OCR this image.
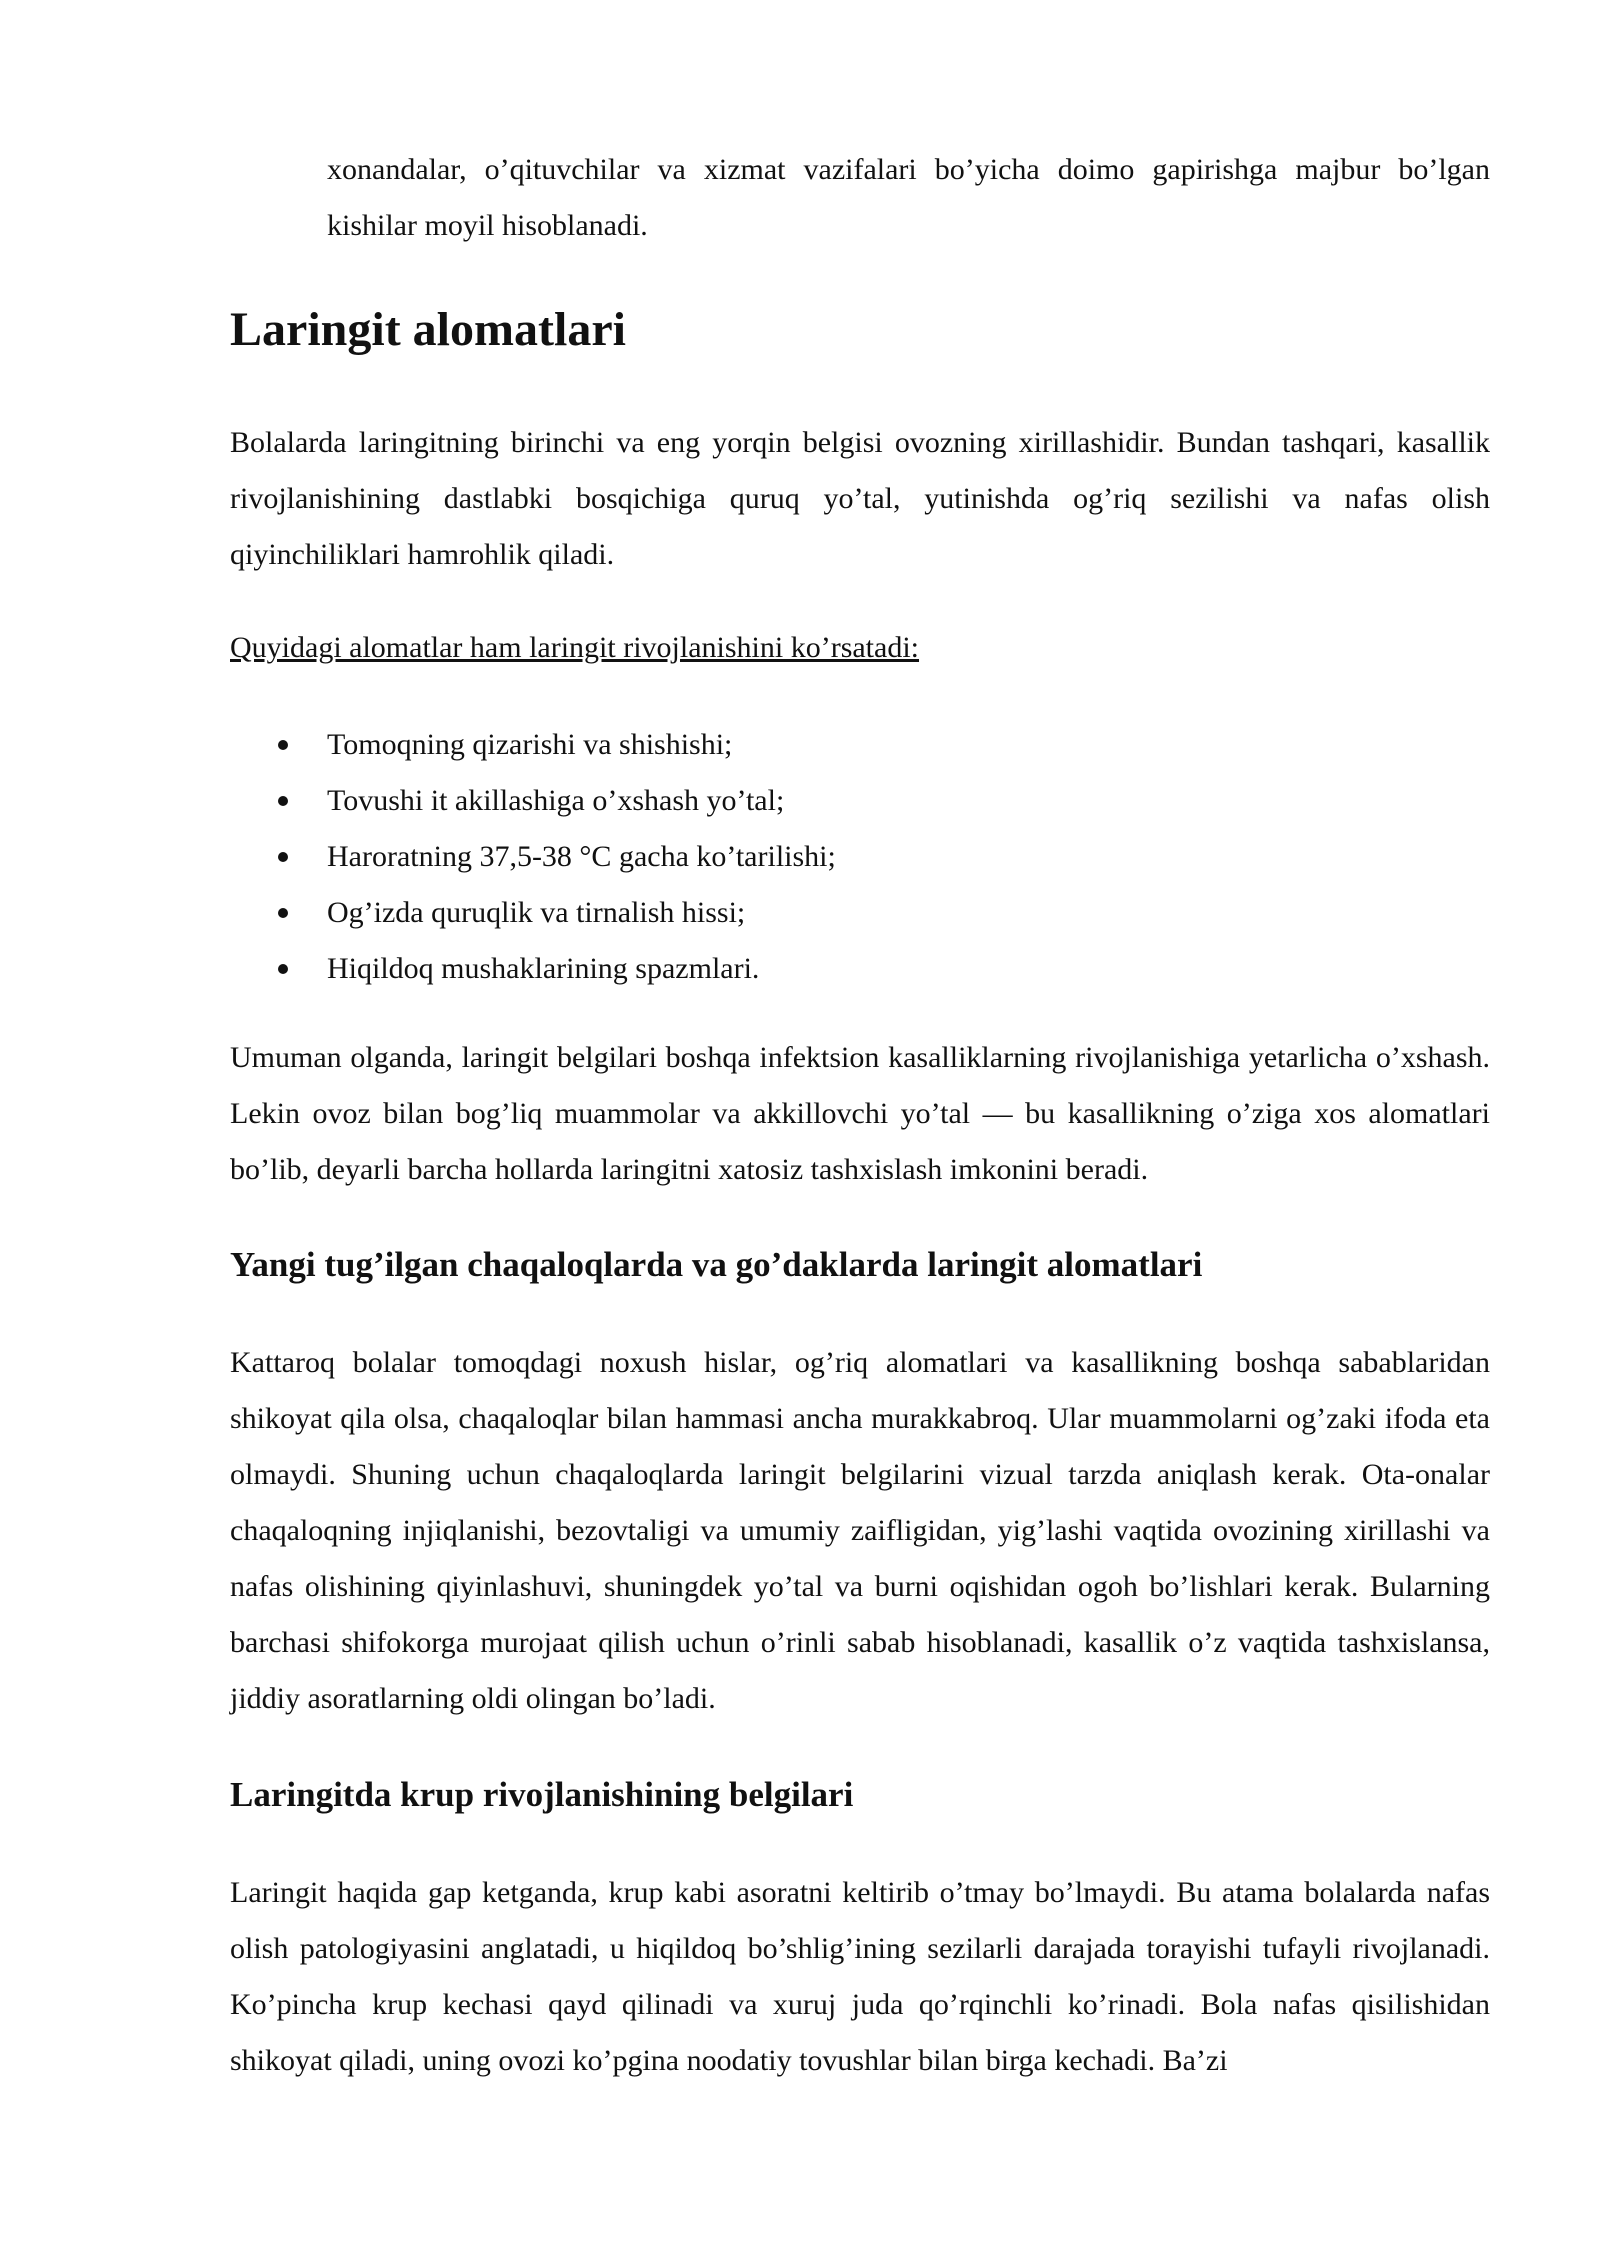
xonandalar, o’qituvchilar va xizmat vazifalari bo’yicha doimo gapirishga majbur bo’lgan kishilar moyil hisoblanadi.

Laringit alomatlari

Bolalarda laringitning birinchi va eng yorqin belgisi ovozning xirillashidir. Bundan tashqari, kasallik rivojlanishining dastlabki bosqichiga quruq yo’tal, yutinishda og’riq sezilishi va nafas olish qiyinchiliklari hamrohlik qiladi.

Quyidagi alomatlar ham laringit rivojlanishini ko’rsatadi:

Tomoqning qizarishi va shishishi;
Tovushi it akillashiga o’xshash yo’tal;
Haroratning 37,5-38 °C gacha ko’tarilishi;
Og’izda quruqlik va tirnalish hissi;
Hiqildoq mushaklarining spazmlari.

Umuman olganda, laringit belgilari boshqa infektsion kasalliklarning rivojlanishiga yetarlicha o’xshash. Lekin ovoz bilan bog’liq muammolar va akkillovchi yo’tal — bu kasallikning o’ziga xos alomatlari bo’lib, deyarli barcha hollarda laringitni xatosiz tashxislash imkonini beradi.

Yangi tug’ilgan chaqaloqlarda va go’daklarda laringit alomatlari

Kattaroq bolalar tomoqdagi noxush hislar, og’riq alomatlari va kasallikning boshqa sabablaridan shikoyat qila olsa, chaqaloqlar bilan hammasi ancha murakkabroq. Ular muammolarni og’zaki ifoda eta olmaydi. Shuning uchun chaqaloqlarda laringit belgilarini vizual tarzda aniqlash kerak. Ota-onalar chaqaloqning injiqlanishi, bezovtaligi va umumiy zaifligidan, yig’lashi vaqtida ovozining xirillashi va nafas olishining qiyinlashuvi, shuningdek yo’tal va burni oqishidan ogoh bo’lishlari kerak. Bularning barchasi shifokorga murojaat qilish uchun o’rinli sabab hisoblanadi, kasallik o’z vaqtida tashxislansa, jiddiy asoratlarning oldi olingan bo’ladi.

Laringitda krup rivojlanishining belgilari

Laringit haqida gap ketganda, krup kabi asoratni keltirib o’tmay bo’lmaydi. Bu atama bolalarda nafas olish patologiyasini anglatadi, u hiqildoq bo’shlig’ining sezilarli darajada torayishi tufayli rivojlanadi. Ko’pincha krup kechasi qayd qilinadi va xuruj juda qo’rqinchli ko’rinadi. Bola nafas qisilishidan shikoyat qiladi, uning ovozi ko’pgina noodatiy tovushlar bilan birga kechadi. Ba’zi
